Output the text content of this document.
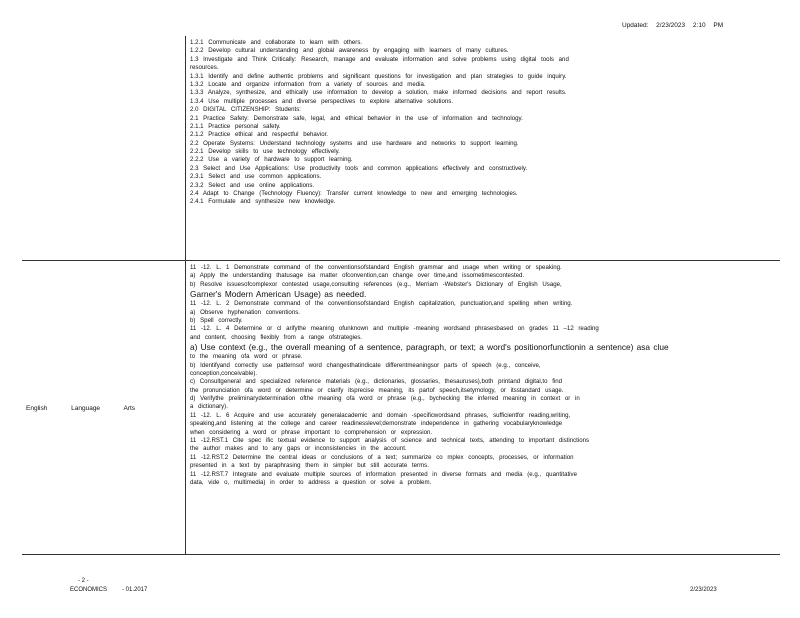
Updated: 2/23/2023 2:10 PM
English Language Arts
1.2.1 Communicate and collaborate to learn with others.
1.2.2 Develop cultural understanding and global awareness by engaging with learners of many cultures.
1.3 Investigate and Think Critically: Research, manage and evaluate information and solve problems using digital tools and
resources.
1.3.1 Identify and define authentic problems and significant questions for investigation and plan strategies to guide inquiry.
1.3.2 Locate and organize information from a variety of sources and media.
1.3.3 Analyze, synthesize, and ethically use information to develop a solution, make informed decisions and report results.
1.3.4 Use multiple processes and diverse perspectives to explore alternative solutions.
2.0 DIGITAL CITIZENSHIP: Students:
2.1 Practice Safety: Demonstrate safe, legal, and ethical behavior in the use of information and technology.
2.1.1 Practice personal safety.
2.1.2 Practice ethical and respectful behavior.
2.2 Operate Systems: Understand technology systems and use hardware and networks to support learning.
2.2.1 Develop skills to use technology effectively.
2.2.2 Use a variety of hardware to support learning.
2.3 Select and Use Applications: Use productivity tools and common applications effectively and constructively.
2.3.1 Select and use common applications.
2.3.2 Select and use online applications.
2.4 Adapt to Change (Technology Fluency): Transfer current knowledge to new and emerging technologies.
2.4.1 Formulate and synthesize new knowledge.
11 -12. L. 1 Demonstrate command of the conventionsofstandard English grammar and usage when writing or speaking.
a) Apply the understanding thatusage isa matter ofconvention,can change over time,and issometimescontested.
b) Resolve issuesofcomplexor contested usage,consulting references (e.g., Merriam -Webster's Dictionary of English Usage,
Garner's Modern American Usage) as needed.
11 -12. L. 2 Demonstrate command of the conventionsofstandard English capitalization, punctuation,and spelling when writing.
a) Observe hyphenation conventions.
b) Spell correctly.
11 -12. L. 4 Determine or cl arifythe meaning ofunknown and multiple -meaning wordsand phrasesbased on grades 11 –12 reading
and content, choosing flexibly from a range ofstrategies.
a) Use context (e.g., the overall meaning of a sentence, paragraph, or text; a word's positionorfunctionin a sentence) asa clue
to the meaning ofa word or phrase.
b) Identifyand correctly use patternsof word changesthatindicate differentmeaningsor parts of speech (e.g., conceive,
conception,conceivable).
c) Consultgeneral and specialized reference materials (e.g., dictionaries, glossaries, thesauruses),both printand digital,to find
the pronunciation ofa word or determine or clarify itsprecise meaning, its partof speech,itsetymology, or itsstandard usage.
d) Verifythe preliminarydetermination ofthe meaning ofa word or phrase (e.g., bychecking the inferred meaning in context or in
a dictionary).
11 -12. L. 6 Acquire and use accurately generalacademic and domain -specificwordsand phrases, sufficientfor reading,writing,
speaking,and listening at the college and career readinesslevel;demonstrate independence in gathering vocabularyknowledge
when considering a word or phrase important to comprehension or expression.
11 -12.RST.1 Cite spec ific textual evidence to support analysis of science and technical texts, attending to important distinctions
the author makes and to any gaps or inconsistencies in the account.
11 -12.RST.2 Determine the central ideas or conclusions of a text; summarize co mplex concepts, processes, or information
presented in a text by paraphrasing them in simpler but still accurate terms.
11 -12.RST.7 Integrate and evaluate multiple sources of information presented in diverse formats and media (e.g., quantitative
data, vide o, multimedia) in order to address a question or solve a problem.
- 2 -
ECONOMICS - 01.2017	2/23/2023
